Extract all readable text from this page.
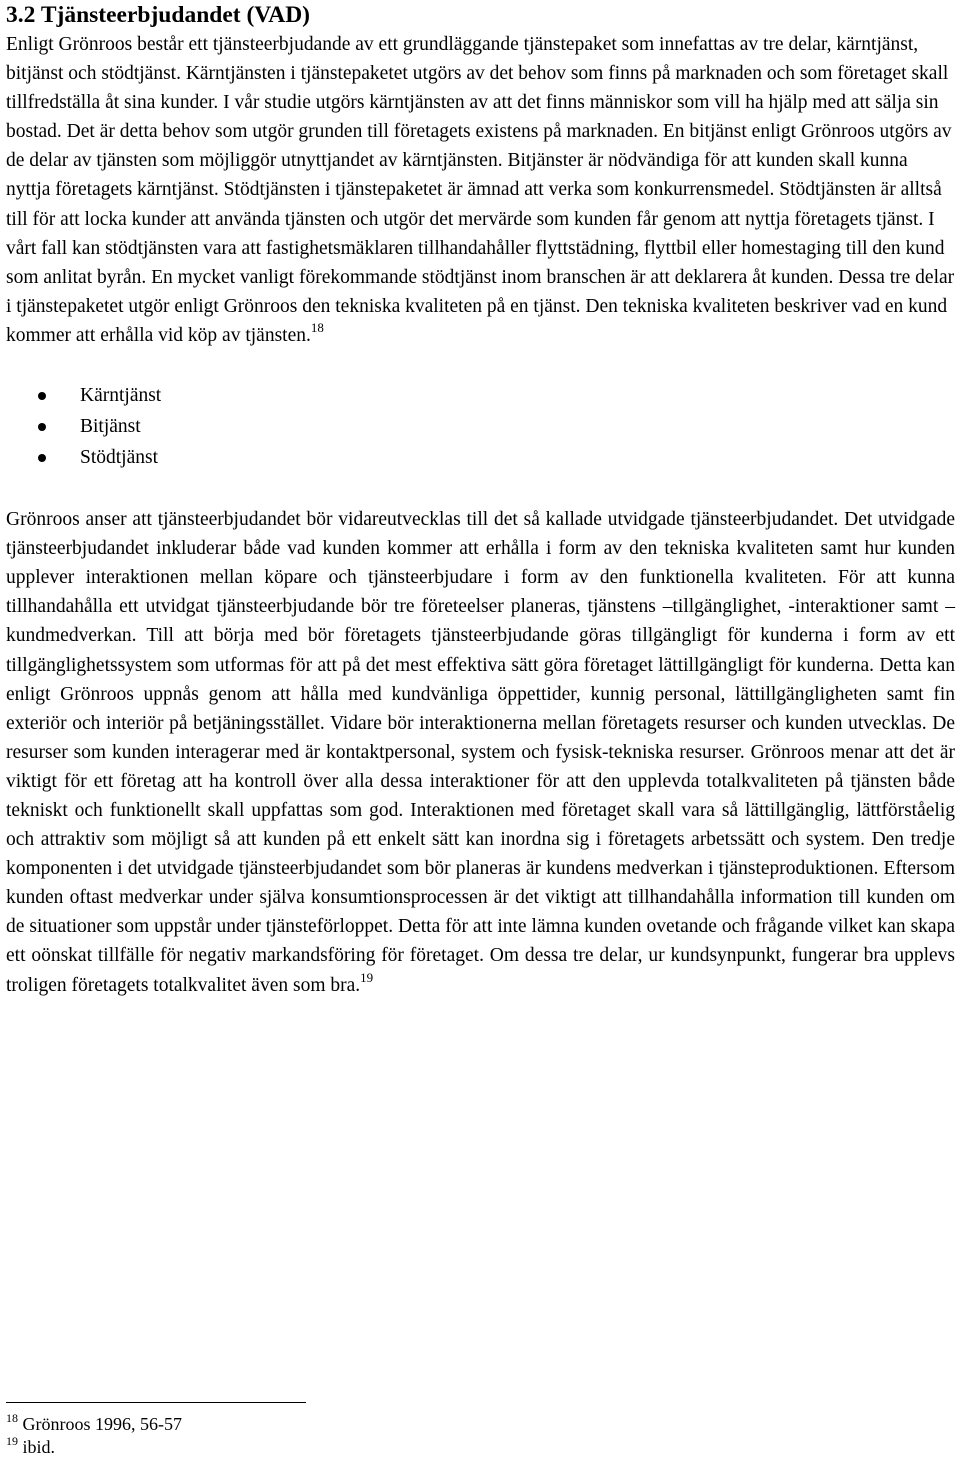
3.2 Tjänsteerbjudandet (VAD)

Enligt Grönroos består ett tjänsteerbjudande av ett grundläggande tjänstepaket som innefattas av tre delar, kärntjänst, bitjänst och stödtjänst. Kärntjänsten i tjänstepaketet utgörs av det behov som finns på marknaden och som företaget skall tillfredställa åt sina kunder. I vår studie utgörs kärntjänsten av att det finns människor som vill ha hjälp med att sälja sin bostad. Det är detta behov som utgör grunden till företagets existens på marknaden. En bitjänst enligt Grönroos utgörs av de delar av tjänsten som möjliggör utnyttjandet av kärntjänsten. Bitjänster är nödvändiga för att kunden skall kunna nyttja företagets kärntjänst. Stödtjänsten i tjänstepaketet är ämnad att verka som konkurrensmedel. Stödtjänsten är alltså till för att locka kunder att använda tjänsten och utgör det mervärde som kunden får genom att nyttja företagets tjänst. I vårt fall kan stödtjänsten vara att fastighetsmäklaren tillhandahåller flyttstädning, flyttbil eller homestaging till den kund som anlitat byrån. En mycket vanligt förekommande stödtjänst inom branschen är att deklarera åt kunden. Dessa tre delar i tjänstepaketet utgör enligt Grönroos den tekniska kvaliteten på en tjänst. Den tekniska kvaliteten beskriver vad en kund kommer att erhålla vid köp av tjänsten.$^{18}$

Kärntjänst
Bitjänst
Stödtjänst

Grönroos anser att tjänsteerbjudandet bör vidareutvecklas till det så kallade utvidgade tjänsteerbjudandet. Det utvidgade tjänsteerbjudandet inkluderar både vad kunden kommer att erhålla i form av den tekniska kvaliteten samt hur kunden upplever interaktionen mellan köpare och tjänsteerbjudare i form av den funktionella kvaliteten. För att kunna tillhandahålla ett utvidgat tjänsteerbjudande bör tre företeelser planeras, tjänstens –tillgänglighet, -interaktioner samt –kundmedverkan. Till att börja med bör företagets tjänsteerbjudande göras tillgängligt för kunderna i form av ett tillgänglighetssystem som utformas för att på det mest effektiva sätt göra företaget lättillgängligt för kunderna. Detta kan enligt Grönroos uppnås genom att hålla med kundvänliga öppettider, kunnig personal, lättillgängligheten samt fin exteriör och interiör på betjäningsstället. Vidare bör interaktionerna mellan företagets resurser och kunden utvecklas. De resurser som kunden interagerar med är kontaktpersonal, system och fysisk-tekniska resurser. Grönroos menar att det är viktigt för ett företag att ha kontroll över alla dessa interaktioner för att den upplevda totalkvaliteten på tjänsten både tekniskt och funktionellt skall uppfattas som god. Interaktionen med företaget skall vara så lättillgänglig, lättförståelig och attraktiv som möjligt så att kunden på ett enkelt sätt kan inordna sig i företagets arbetssätt och system. Den tredje komponenten i det utvidgade tjänsteerbjudandet som bör planeras är kundens medverkan i tjänsteproduktionen. Eftersom kunden oftast medverkar under själva konsumtionsprocessen är det viktigt att tillhandahålla information till kunden om de situationer som uppstår under tjänsteförloppet. Detta för att inte lämna kunden ovetande och frågande vilket kan skapa ett oönskat tillfälle för negativ markandsföring för företaget. Om dessa tre delar, ur kundsynpunkt, fungerar bra upplevs troligen företagets totalkvalitet även som bra.$^{19}$

$^{18}$ Grönroos 1996, 56-57

$^{19}$ ibid.
